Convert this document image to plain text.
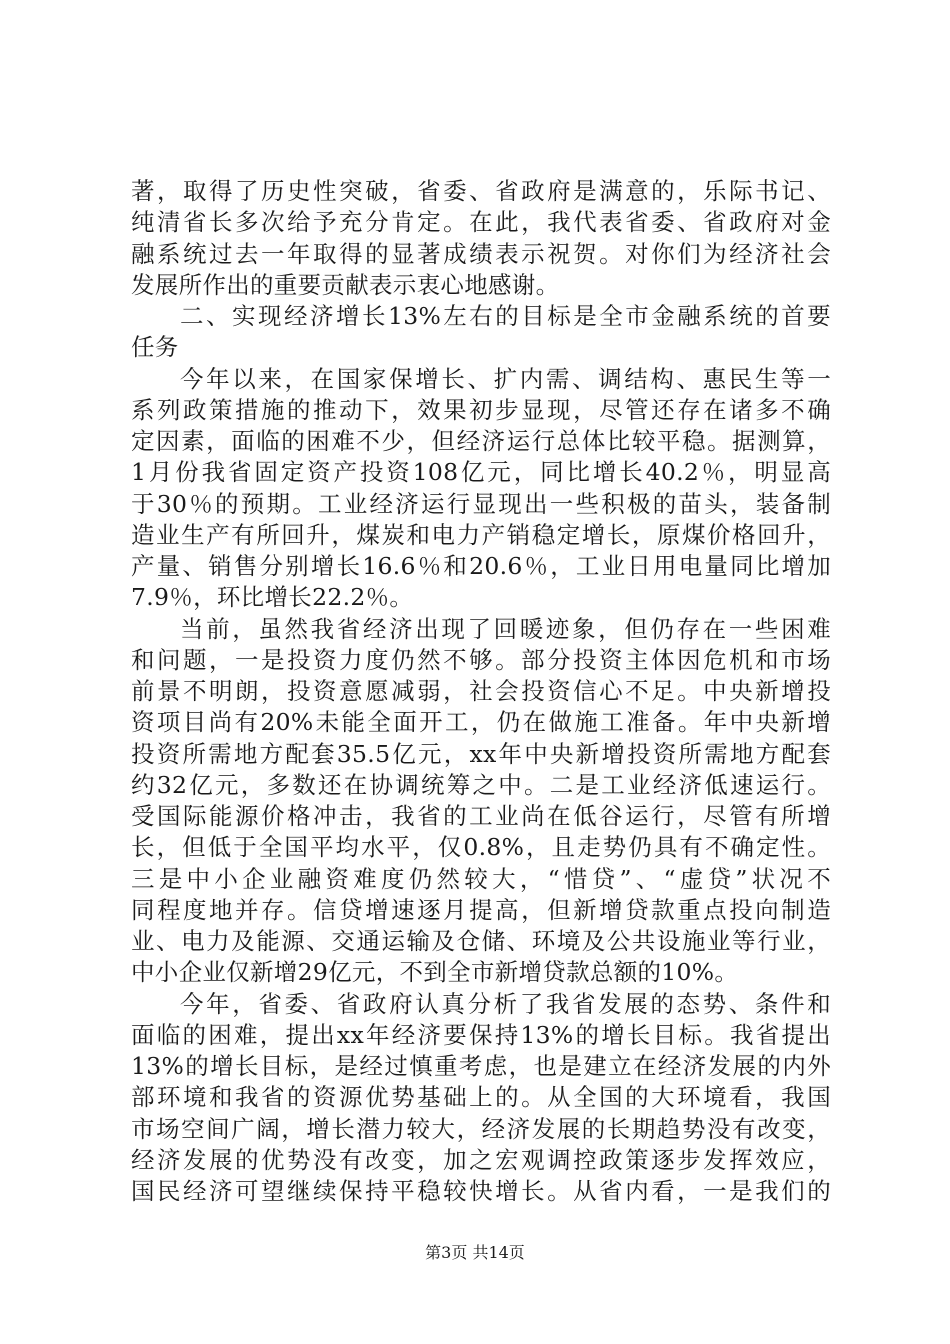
著，取得了历史性突破，省委、省政府是满意的，乐际书记、
纯清省长多次给予充分肯定。在此，我代表省委、省政府对金
融系统过去一年取得的显著成绩表示祝贺。对你们为经济社会
发展所作出的重要贡献表示衷心地感谢。
二、实现经济增长13%左右的目标是全市金融系统的首要
任务
今年以来，在国家保增长、扩内需、调结构、惠民生等一
系列政策措施的推动下，效果初步显现，尽管还存在诸多不确
定因素，面临的困难不少，但经济运行总体比较平稳。据测算，
1月份我省固定资产投资108亿元，同比增长40.2％，明显高
于30％的预期。工业经济运行显现出一些积极的苗头，装备制
造业生产有所回升，煤炭和电力产销稳定增长，原煤价格回升，
产量、销售分别增长16.6％和20.6％，工业日用电量同比增加
7.9％，环比增长22.2％。
当前，虽然我省经济出现了回暖迹象，但仍存在一些困难
和问题，一是投资力度仍然不够。部分投资主体因危机和市场
前景不明朗，投资意愿减弱，社会投资信心不足。中央新增投
资项目尚有20%未能全面开工，仍在做施工准备。年中央新增
投资所需地方配套35.5亿元，xx年中央新增投资所需地方配套
约32亿元，多数还在协调统筹之中。二是工业经济低速运行。
受国际能源价格冲击，我省的工业尚在低谷运行，尽管有所增
长，但低于全国平均水平，仅0.8%，且走势仍具有不确定性。
三是中小企业融资难度仍然较大，“惜贷”、“虚贷”状况不
同程度地并存。信贷增速逐月提高，但新增贷款重点投向制造
业、电力及能源、交通运输及仓储、环境及公共设施业等行业，
中小企业仅新增29亿元，不到全市新增贷款总额的10%。
今年，省委、省政府认真分析了我省发展的态势、条件和
面临的困难，提出xx年经济要保持13%的增长目标。我省提出
13%的增长目标，是经过慎重考虑，也是建立在经济发展的内外
部环境和我省的资源优势基础上的。从全国的大环境看，我国
市场空间广阔，增长潜力较大，经济发展的长期趋势没有改变，
经济发展的优势没有改变，加之宏观调控政策逐步发挥效应，
国民经济可望继续保持平稳较快增长。从省内看，一是我们的
第3页 共14页
